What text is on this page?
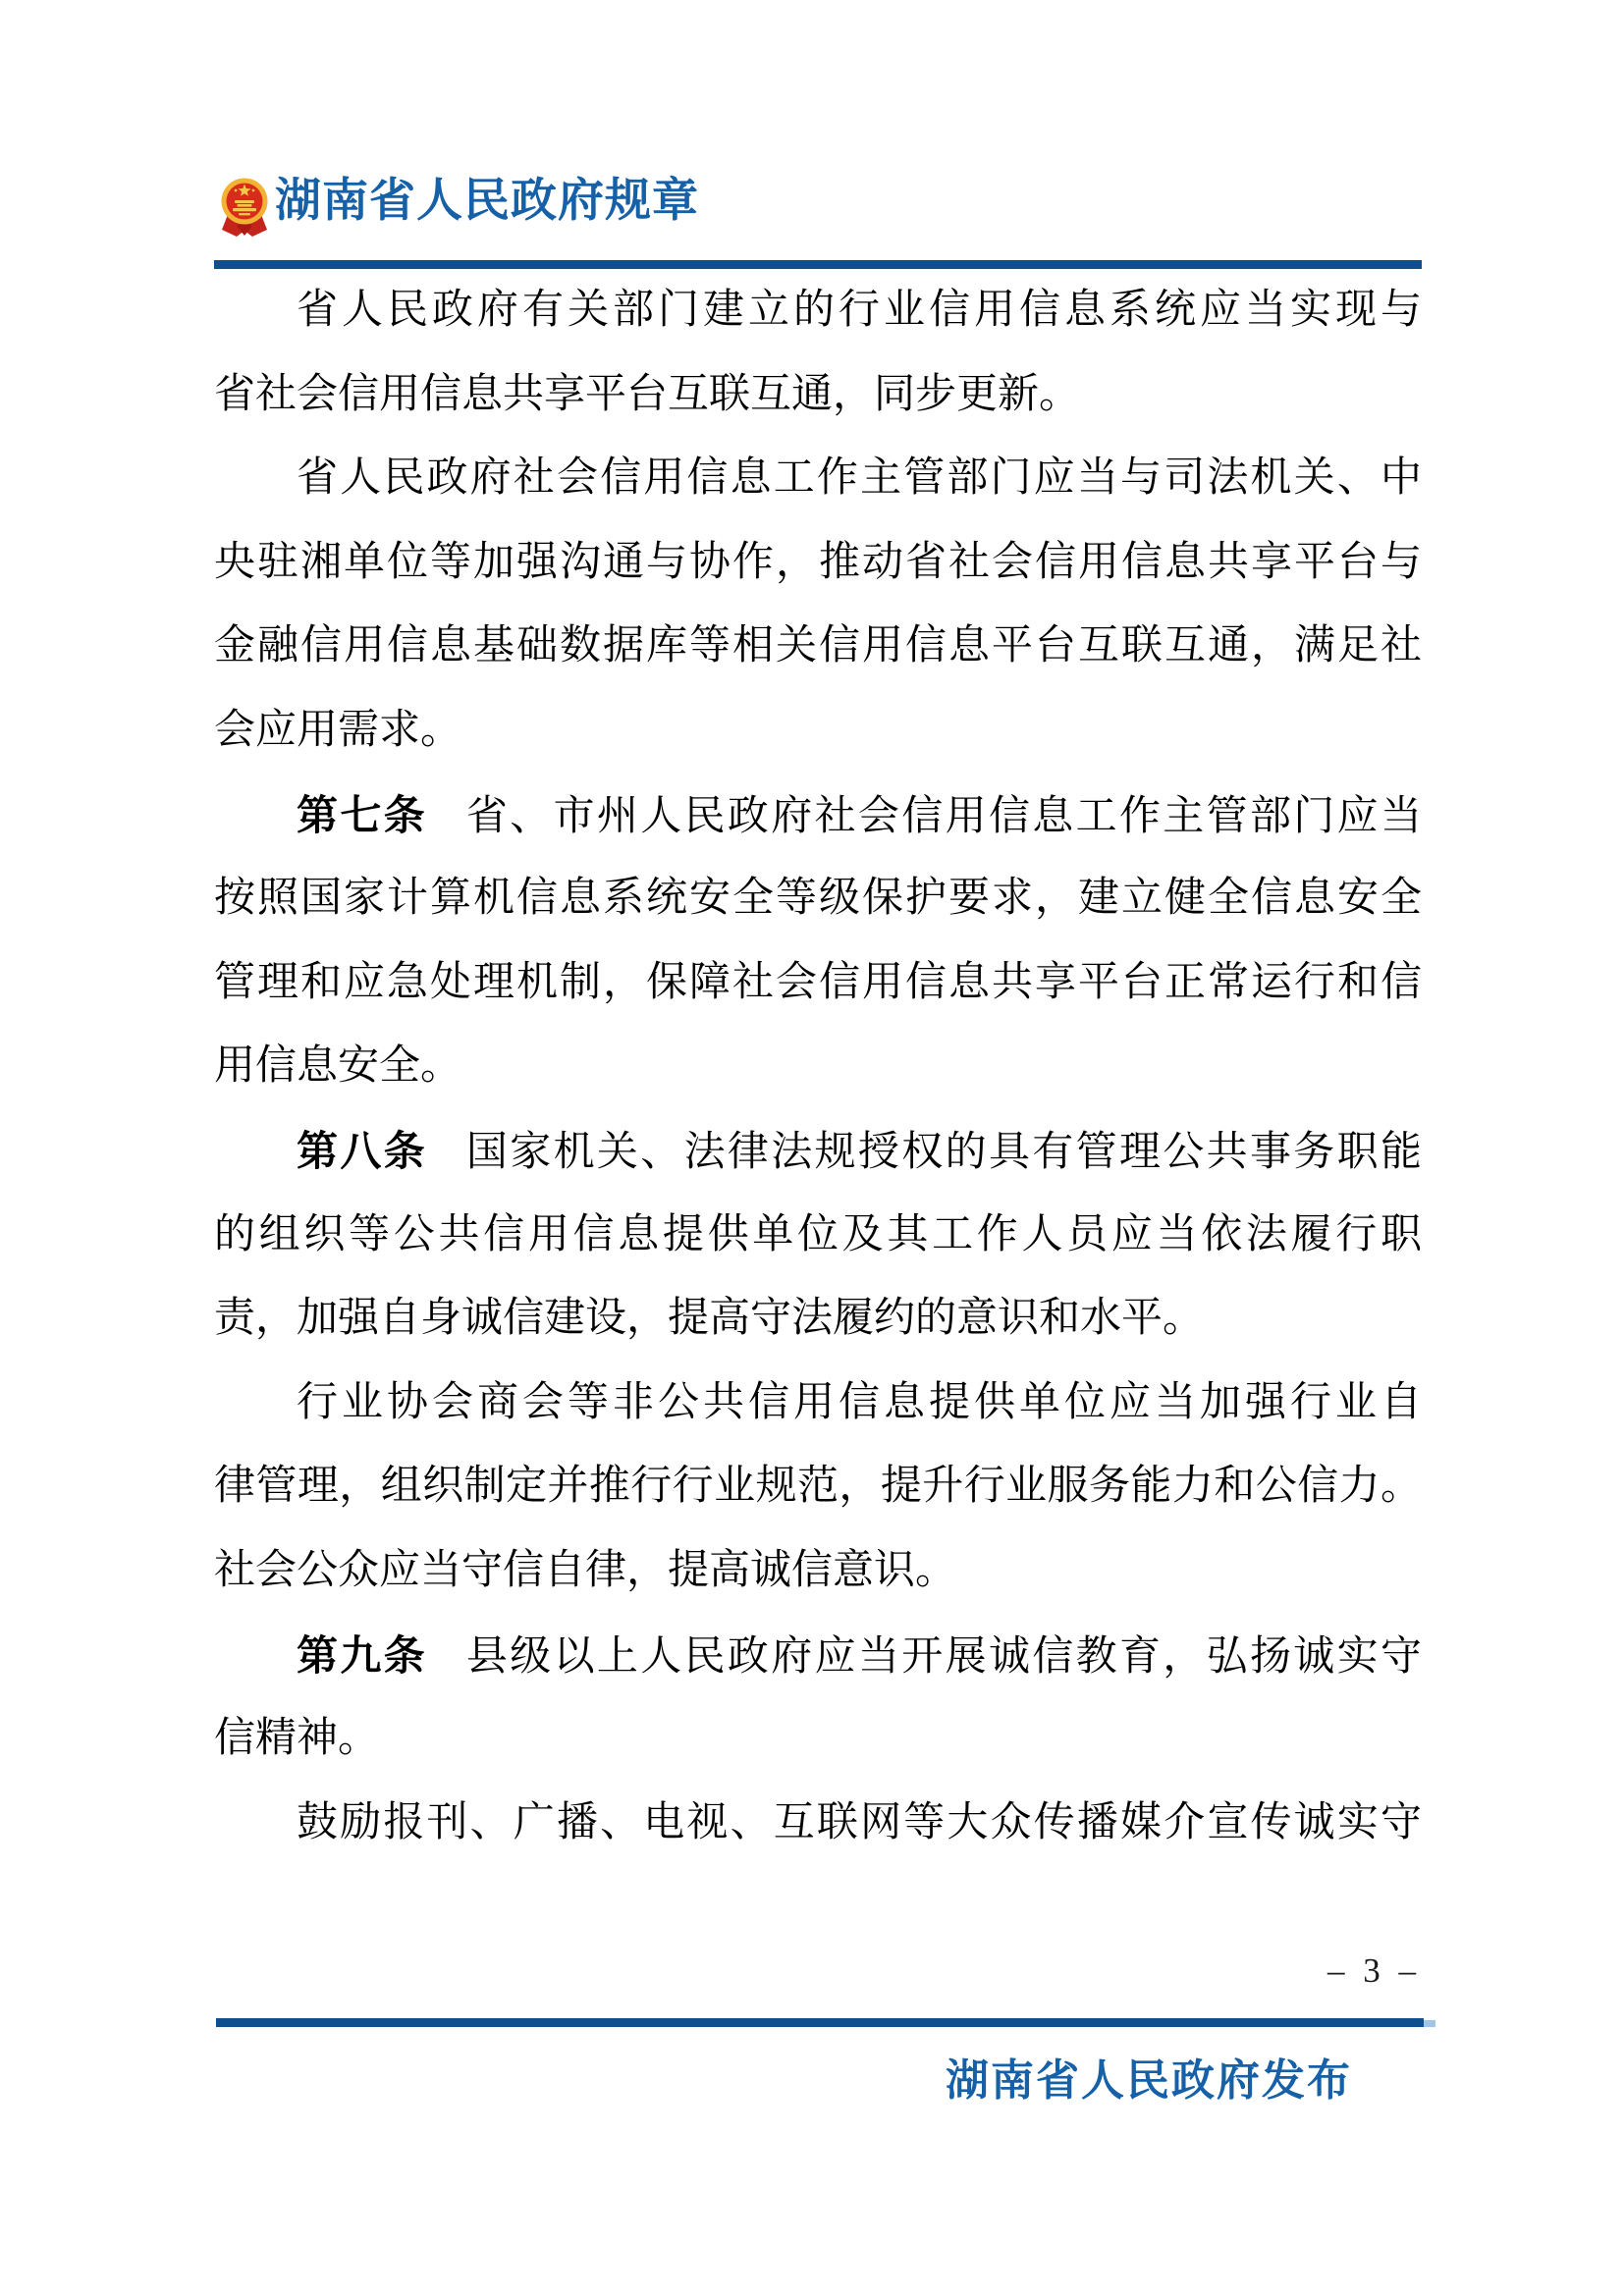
湖南省人民政府规章
省人民政府有关部门建立的行业信用信息系统应当实现与
省社会信用信息共享平台互联互通，同步更新。
省人民政府社会信用信息工作主管部门应当与司法机关、中
央驻湘单位等加强沟通与协作，推动省社会信用信息共享平台与
金融信用信息基础数据库等相关信用信息平台互联互通，满足社
会应用需求。
第七条 省、市州人民政府社会信用信息工作主管部门应当
按照国家计算机信息系统安全等级保护要求，建立健全信息安全
管理和应急处理机制，保障社会信用信息共享平台正常运行和信
用信息安全。
第八条 国家机关、法律法规授权的具有管理公共事务职能
的组织等公共信用信息提供单位及其工作人员应当依法履行职
责，加强自身诚信建设，提高守法履约的意识和水平。
行业协会商会等非公共信用信息提供单位应当加强行业自
律管理，组织制定并推行行业规范，提升行业服务能力和公信力。
社会公众应当守信自律，提高诚信意识。
第九条 县级以上人民政府应当开展诚信教育，弘扬诚实守
信精神。
鼓励报刊、广播、电视、互联网等大众传播媒介宣传诚实守
– 3 –
湖南省人民政府发布
